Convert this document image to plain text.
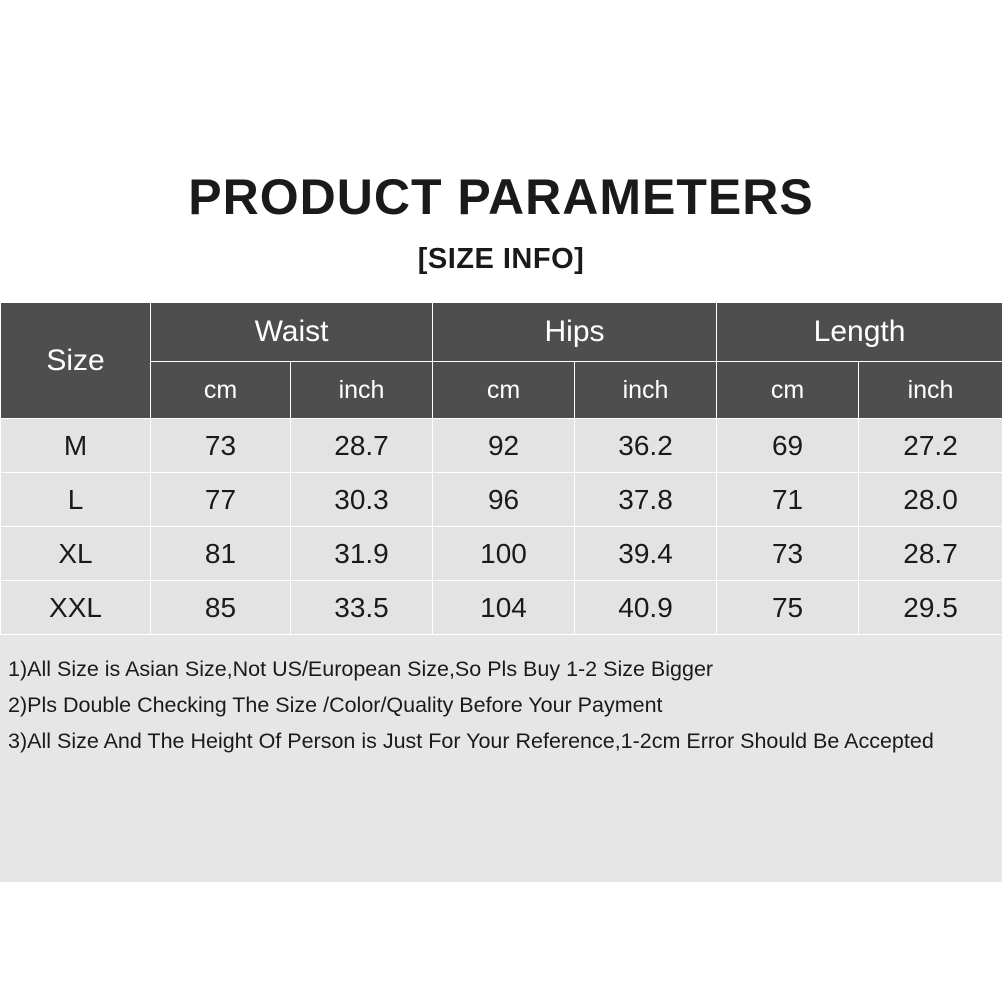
PRODUCT PARAMETERS
[SIZE INFO]
Size	Waist		Hips		Length	
	cm	inch	cm	inch	cm	inch
M	73	28.7	92	36.2	69	27.2
L	77	30.3	96	37.8	71	28.0
XL	81	31.9	100	39.4	73	28.7
XXL	85	33.5	104	40.9	75	29.5
1)All Size is Asian Size,Not US/European Size,So Pls Buy 1-2 Size Bigger
2)Pls Double Checking The Size /Color/Quality Before Your Payment
3)All Size And The Height Of Person is Just For Your Reference,1-2cm Error Should Be Accepted
